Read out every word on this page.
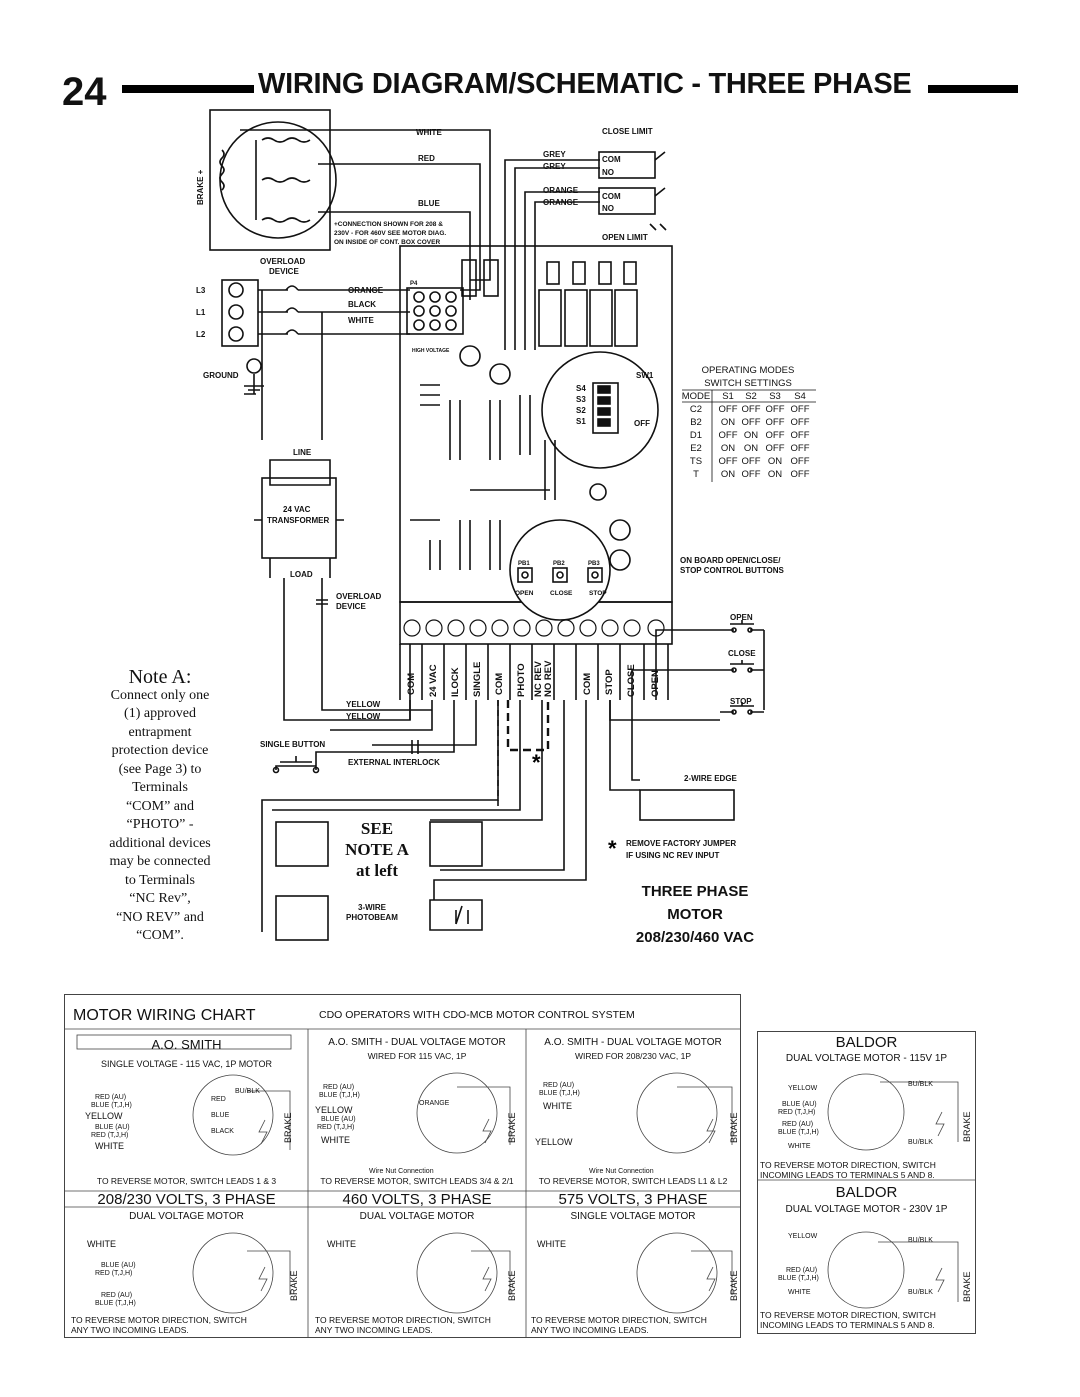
24	WIRING DIAGRAM/SCHEMATIC - THREE PHASE
WHITE
RED
BLUE
GREY
GREY
ORANGE
ORANGE
CLOSE LIMIT
OPEN LIMIT
COM
NO
COM
NO
BRAKE +
+CONNECTION SHOWN FOR 208 &
230V - FOR 460V SEE MOTOR DIAG.
ON INSIDE OF CONT. BOX COVER
OVERLOAD
DEVICE
L3
L1
L2
ORANGE
BLACK
WHITE
GROUND
LINE
24 VAC
TRANSFORMER
LOAD
OVERLOAD
DEVICE
P4
HIGH VOLTAGE
SW1
S4
S3
S2
S1	OFF
PB1	PB2	PB3
OPEN	CLOSE	STOP
ON BOARD OPEN/CLOSE/
STOP CONTROL BUTTONS
OPEN
CLOSE
STOP
YELLOW
YELLOW
SINGLE BUTTON
EXTERNAL INTERLOCK
2-WIRE EDGE
REMOVE FACTORY JUMPER
IF USING NC REV INPUT
3-WIRE
PHOTOBEAM
*
*
COM 24 VAC ILOCK SINGLE COM PHOTO NC REV NO REV	COM STOP CLOSE OPEN
OPERATING MODES
SWITCH SETTINGS
MODE S1 S2 S3 S4
C2 OFF OFF OFF OFF
B2 ON OFF OFF OFF
D1 OFF ON OFF OFF
E2 ON ON OFF OFF
TS OFF OFF ON OFF
T ON OFF ON OFF
Note A:
Connect only one
(1) approved
entrapment
protection device
(see Page 3) to
Terminals
“COM” and
“PHOTO” -
additional devices
may be connected
to Terminals
“NC Rev”,
“NO REV” and
“COM”.
SEE
NOTE A
at left
THREE PHASE
MOTOR
208/230/460 VAC
MOTOR WIRING CHART	CDO OPERATORS WITH CDO-MCB MOTOR CONTROL SYSTEM
RED (AU)
BLUE (T,J,H)
YELLOW
BLUE (AU)
RED (T,J,H)
WHITE
RED
BLUE
BLACK
BU/BLK
BRAKE
RED (AU)
BLUE (T,J,H)
YELLOW
BLUE (AU)
RED (T,J,H)
WHITE
ORANGE
BRAKE
RED (AU)
BLUE (T,J,H)
WHITE
YELLOW	BRAKE
Wire Nut Connection	Wire Nut Connection
WHITE
BLUE (AU)
RED (T,J,H)
RED (AU)
BLUE (T,J,H)
BRAKE
WHITE
BRAKE
WHITE
BRAKE
A.O. SMITH
SINGLE VOLTAGE - 115 VAC, 1P MOTOR
A.O. SMITH - DUAL VOLTAGE MOTOR
WIRED FOR 115 VAC, 1P
A.O. SMITH - DUAL VOLTAGE MOTOR
WIRED FOR 208/230 VAC, 1P
TO REVERSE MOTOR, SWITCH LEADS 1 & 3	TO REVERSE MOTOR, SWITCH LEADS 3/4 & 2/1	TO REVERSE MOTOR, SWITCH LEADS L1 & L2
208/230 VOLTS, 3 PHASE	460 VOLTS, 3 PHASE	575 VOLTS, 3 PHASE
DUAL VOLTAGE MOTOR	DUAL VOLTAGE MOTOR	SINGLE VOLTAGE MOTOR
TO REVERSE MOTOR DIRECTION, SWITCH
ANY TWO INCOMING LEADS.
TO REVERSE MOTOR DIRECTION, SWITCH
ANY TWO INCOMING LEADS.
TO REVERSE MOTOR DIRECTION, SWITCH
ANY TWO INCOMING LEADS.
YELLOW
BLUE (AU)
RED (T,J,H)
RED (AU)
BLUE (T,J,H)
WHITE
BU/BLK
BU/BLK
BRAKE
YELLOW
RED (AU)
BLUE (T,J,H)
WHITE
BU/BLK
BU/BLK	BRAKE
BALDOR
DUAL VOLTAGE MOTOR - 115V 1P
TO REVERSE MOTOR DIRECTION, SWITCH
INCOMING LEADS TO TERMINALS 5 AND 8.
BALDOR
DUAL VOLTAGE MOTOR - 230V 1P
TO REVERSE MOTOR DIRECTION, SWITCH
INCOMING LEADS TO TERMINALS 5 AND 8.
